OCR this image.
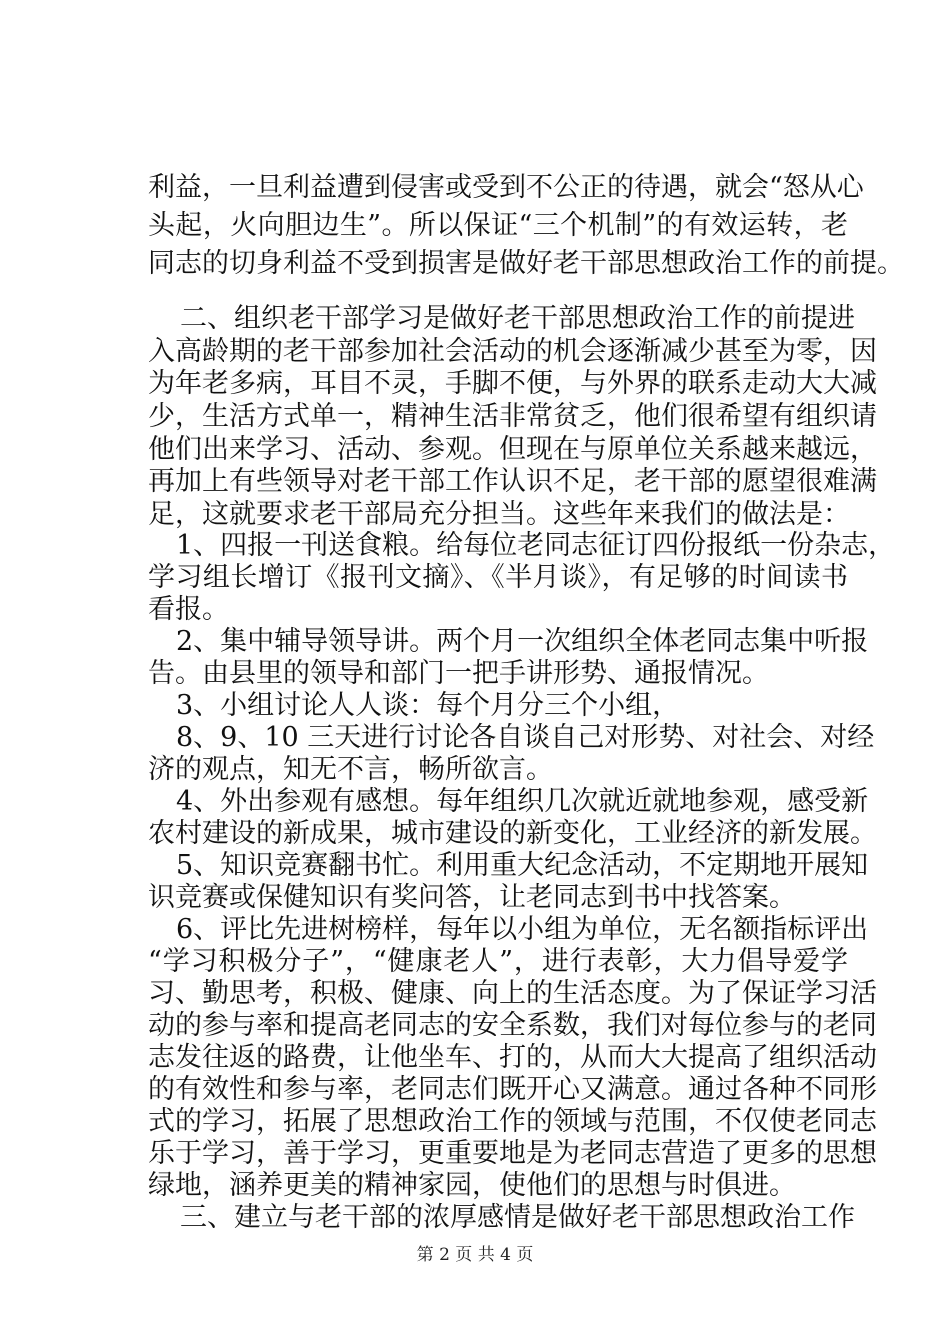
利益，一旦利益遭到侵害或受到不公正的待遇，就会“怒从心
头起，火向胆边生”。所以保证“三个机制”的有效运转，老
同志的切身利益不受到损害是做好老干部思想政治工作的前提。
二、组织老干部学习是做好老干部思想政治工作的前提进
入高龄期的老干部参加社会活动的机会逐渐减少甚至为零，因
为年老多病，耳目不灵，手脚不便，与外界的联系走动大大减
少，生活方式单一，精神生活非常贫乏，他们很希望有组织请
他们出来学习、活动、参观。但现在与原单位关系越来越远，
再加上有些领导对老干部工作认识不足，老干部的愿望很难满
足，这就要求老干部局充分担当。这些年来我们的做法是：
1、四报一刊送食粮。给每位老同志征订四份报纸一份杂志，
学习组长增订《报刊文摘》、《半月谈》，有足够的时间读书
看报。
2、集中辅导领导讲。两个月一次组织全体老同志集中听报
告。由县里的领导和部门一把手讲形势、通报情况。
3、小组讨论人人谈：每个月分三个小组，
8、9、10 三天进行讨论各自谈自己对形势、对社会、对经
济的观点，知无不言，畅所欲言。
4、外出参观有感想。每年组织几次就近就地参观，感受新
农村建设的新成果，城市建设的新变化，工业经济的新发展。
5、知识竞赛翻书忙。利用重大纪念活动，不定期地开展知
识竞赛或保健知识有奖问答，让老同志到书中找答案。
6、评比先进树榜样，每年以小组为单位，无名额指标评出
“学习积极分子”，“健康老人”，进行表彰，大力倡导爱学
习、勤思考，积极、健康、向上的生活态度。为了保证学习活
动的参与率和提高老同志的安全系数，我们对每位参与的老同
志发往返的路费，让他坐车、打的，从而大大提高了组织活动
的有效性和参与率，老同志们既开心又满意。通过各种不同形
式的学习，拓展了思想政治工作的领域与范围，不仅使老同志
乐于学习，善于学习，更重要地是为老同志营造了更多的思想
绿地，涵养更美的精神家园，使他们的思想与时俱进。
三、建立与老干部的浓厚感情是做好老干部思想政治工作
第 2 页 共 4 页
